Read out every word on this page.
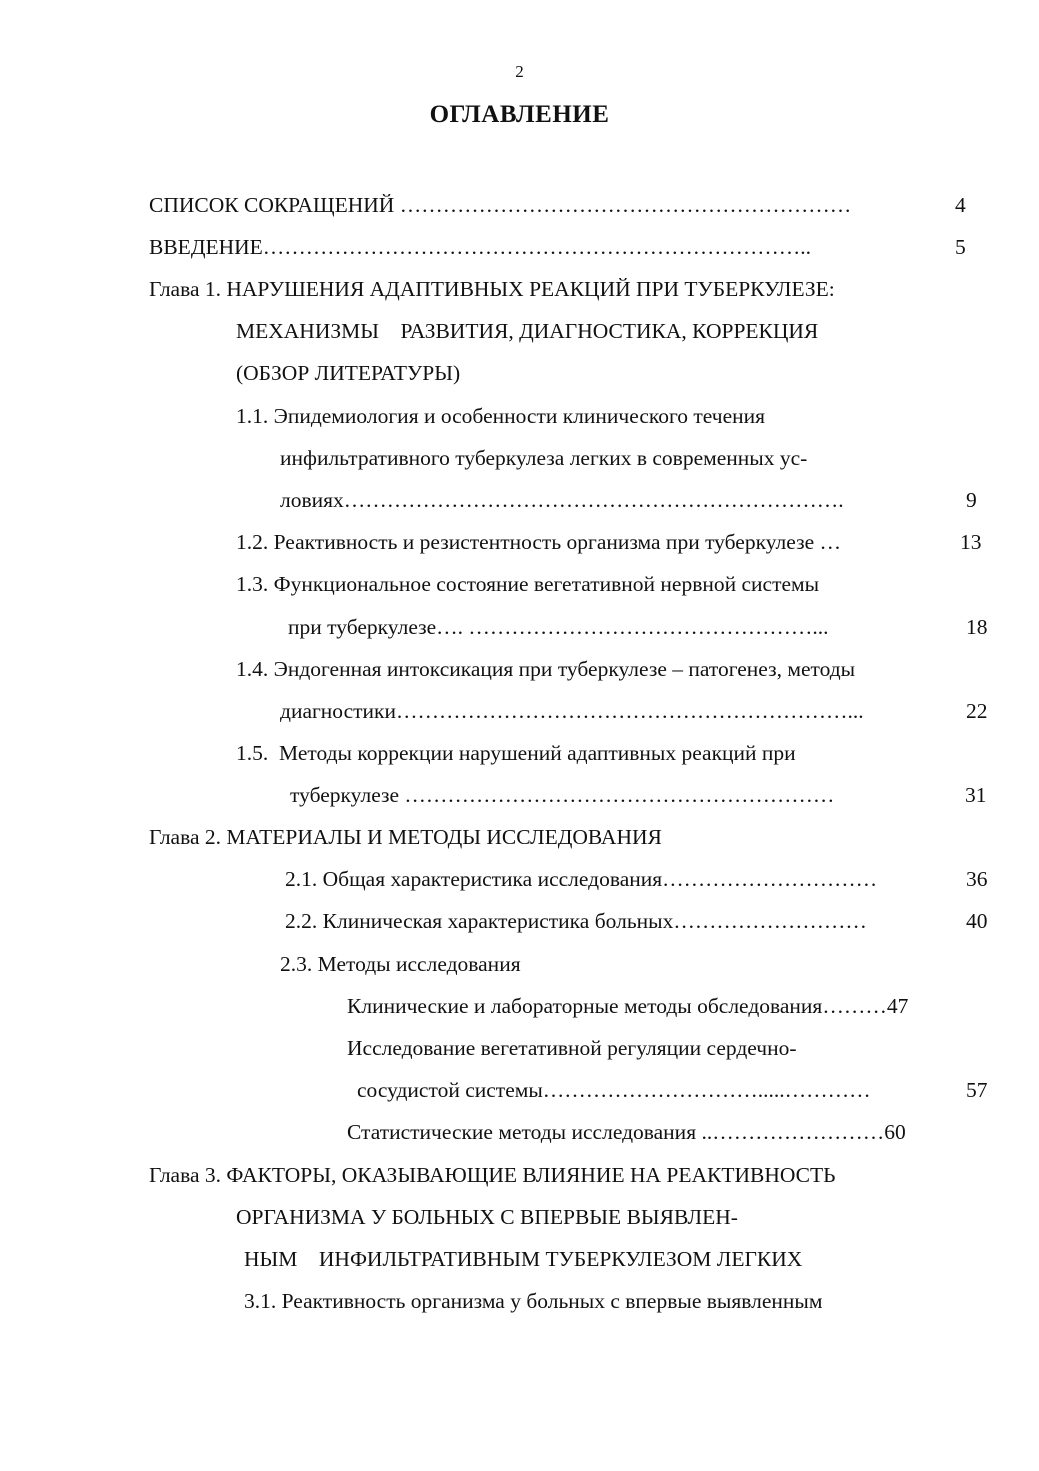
2
ОГЛАВЛЕНИЕ
СПИСОК СОКРАЩЕНИЙ ………………………………………………………	4
ВВЕДЕНИЕ…………………………………………………………………..	5
Глава 1. НАРУШЕНИЯ АДАПТИВНЫХ РЕАКЦИЙ ПРИ ТУБЕРКУЛЕЗЕ:
МЕХАНИЗМЫ    РАЗВИТИЯ, ДИАГНОСТИКА, КОРРЕКЦИЯ
(ОБЗОР ЛИТЕРАТУРЫ)
1.1. Эпидемиология и особенности клинического течения
инфильтративного туберкулеза легких в современных ус-
ловиях…………………………………………………………….	9
1.2. Реактивность и резистентность организма при туберкулезе …	13
1.3. Функциональное состояние вегетативной нервной системы
при туберкулезе…. …………………………………………...	18
1.4. Эндогенная интоксикация при туберкулезе – патогенез, методы
диагностики………………………………………………………...	22
1.5.  Методы коррекции нарушений адаптивных реакций при
туберкулезе ……………………………………………………	31
Глава 2. МАТЕРИАЛЫ И МЕТОДЫ ИССЛЕДОВАНИЯ
2.1. Общая характеристика исследования…………………………	36
2.2. Клиническая характеристика больных………………………	40
2.3. Методы исследования
Клинические и лабораторные методы обследования………47
Исследование вегетативной регуляции сердечно-
сосудистой системы………………………….....…………	57
Статистические методы исследования ..……………………60
Глава 3. ФАКТОРЫ, ОКАЗЫВАЮЩИЕ ВЛИЯНИЕ НА РЕАКТИВНОСТЬ
ОРГАНИЗМА У БОЛЬНЫХ С ВПЕРВЫЕ ВЫЯВЛЕН-
НЫМ    ИНФИЛЬТРАТИВНЫМ ТУБЕРКУЛЕЗОМ ЛЕГКИХ
3.1. Реактивность организма у больных с впервые выявленным
